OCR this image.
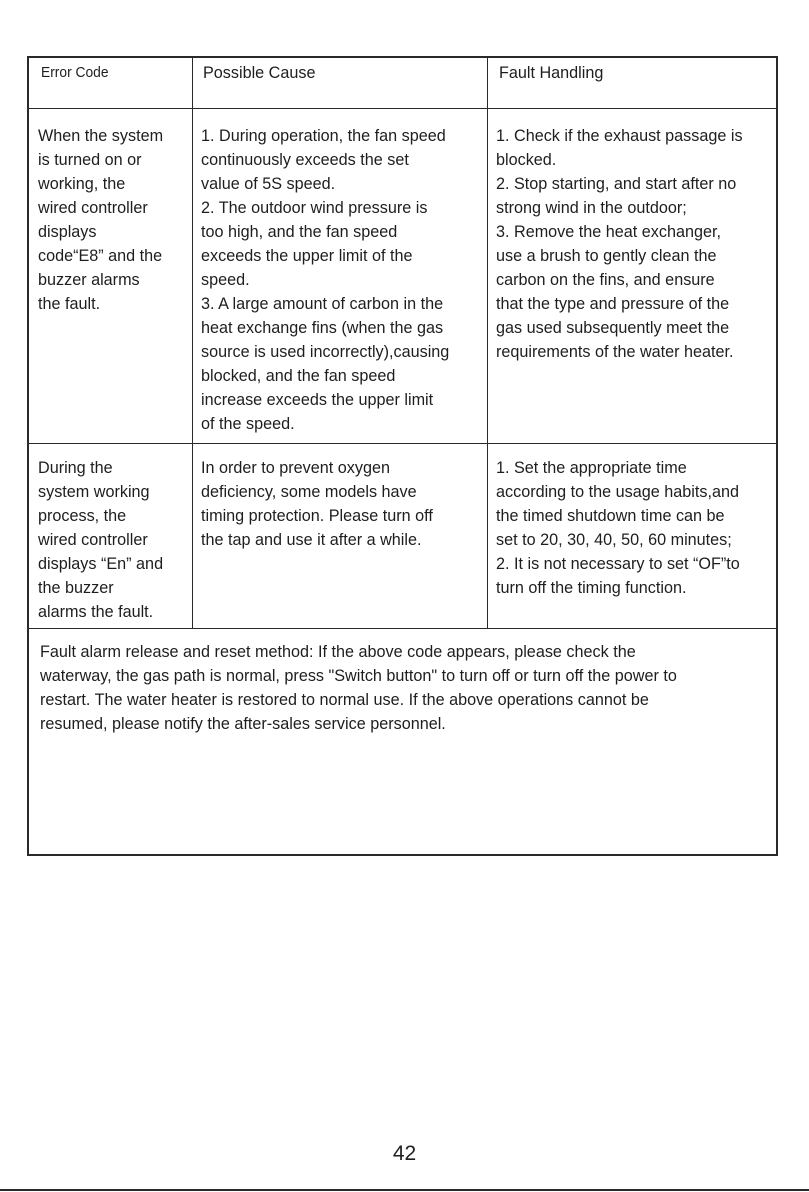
Error Code	Possible Cause	Fault Handling
When the system
is turned on or
working, the
wired controller
displays
code“E8” and the
buzzer alarms
the fault.
1. During operation, the fan speed
continuously exceeds the set
value of 5S speed.
2. The outdoor wind pressure is
too high, and the fan speed
exceeds the upper limit of the
speed.
3. A large amount of carbon in the
heat exchange fins (when the gas
source is used incorrectly),causing
blocked, and the fan speed
increase exceeds the upper limit
of the speed.
1. Check if the exhaust passage is
blocked.
2. Stop starting, and start after no
strong wind in the outdoor;
3. Remove the heat exchanger,
use a brush to gently clean the
carbon on the fins, and ensure
that the type and pressure of the
gas used subsequently meet the
requirements of the water heater.
During the
system working
process, the
wired controller
displays “En” and
the buzzer
alarms the fault.
In order to prevent oxygen
deficiency, some models have
timing protection. Please turn off
the tap and use it after a while.
1. Set the appropriate time
according to the usage habits,and
the timed shutdown time can be
set to 20, 30, 40, 50, 60 minutes;
2. It is not necessary to set “OF”to
turn off the timing function.
Fault alarm release and reset method: If the above code appears, please check the
waterway, the gas path is normal, press "Switch button" to turn off or turn off the power to
restart. The water heater is restored to normal use. If the above operations cannot be
resumed, please notify the after-sales service personnel.
42
